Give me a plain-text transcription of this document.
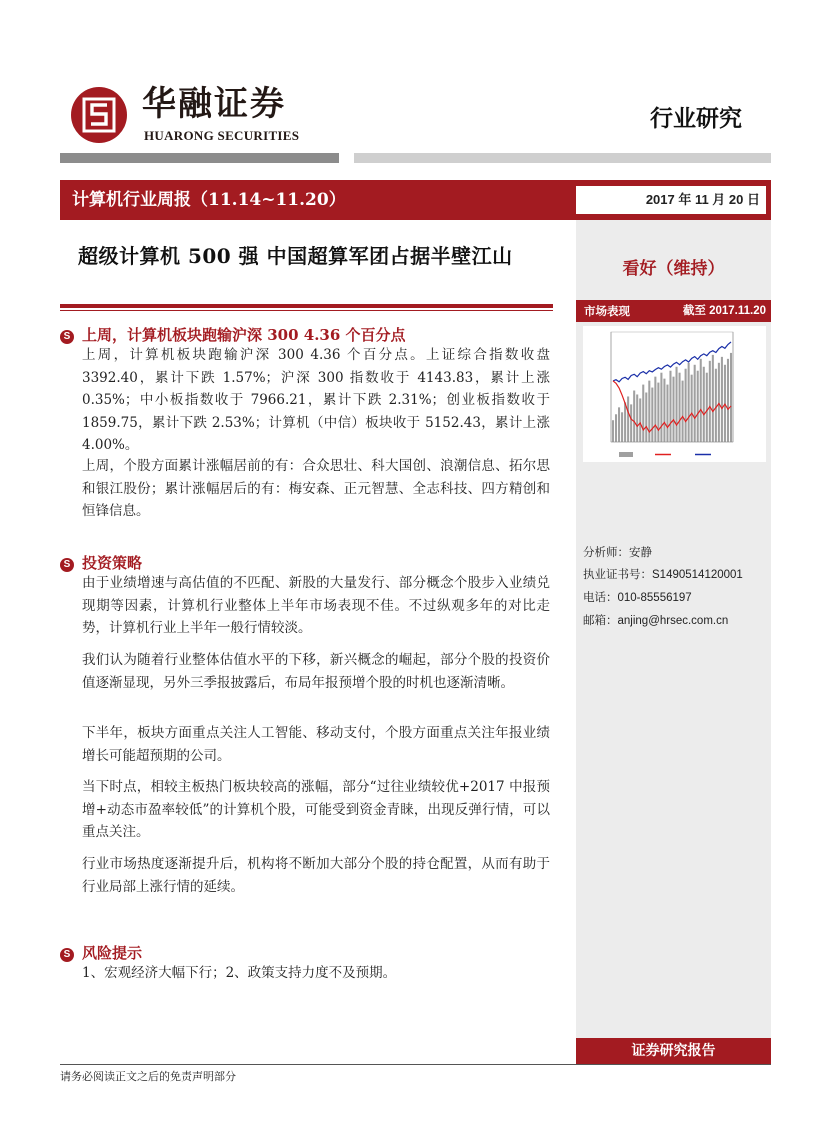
华融证券
HUARONG SECURITIES
行业研究
计算机行业周报（11.14~11.20）	2017 年 11 月 20 日
看好（维持）
市场表现	截至 2017.11.20
分析师：安静
执业证书号：S1490514120001
电话：010-85556197
邮箱：anjing@hrsec.com.cn
证券研究报告
超级计算机 500 强 中国超算军团占据半壁江山
S 上周，计算机板块跑输沪深 300 4.36 个百分点
上周，计算机板块跑输沪深 300 4.36 个百分点。上证综合指数收盘 3392.40，累计下跌 1.57%；沪深 300 指数收于 4143.83，累计上涨 0.35%；中小板指数收于 7966.21，累计下跌 2.31%；创业板指数收于 1859.75，累计下跌 2.53%；计算机（中信）板块收于 5152.43，累计上涨 4.00%。
上周，个股方面累计涨幅居前的有：合众思壮、科大国创、浪潮信息、拓尔思和银江股份；累计涨幅居后的有：梅安森、正元智慧、全志科技、四方精创和恒锋信息。
S 投资策略
由于业绩增速与高估值的不匹配、新股的大量发行、部分概念个股步入业绩兑现期等因素，计算机行业整体上半年市场表现不佳。不过纵观多年的对比走势，计算机行业上半年一般行情较淡。
我们认为随着行业整体估值水平的下移，新兴概念的崛起，部分个股的投资价值逐渐显现，另外三季报披露后，布局年报预增个股的时机也逐渐清晰。
下半年，板块方面重点关注人工智能、移动支付，个股方面重点关注年报业绩增长可能超预期的公司。
当下时点，相较主板热门板块较高的涨幅，部分“过往业绩较优+2017 中报预增+动态市盈率较低”的计算机个股，可能受到资金青睐，出现反弹行情，可以重点关注。
行业市场热度逐渐提升后，机构将不断加大部分个股的持仓配置，从而有助于行业局部上涨行情的延续。
S 风险提示
1、宏观经济大幅下行；2、政策支持力度不及预期。
请务必阅读正文之后的免责声明部分
